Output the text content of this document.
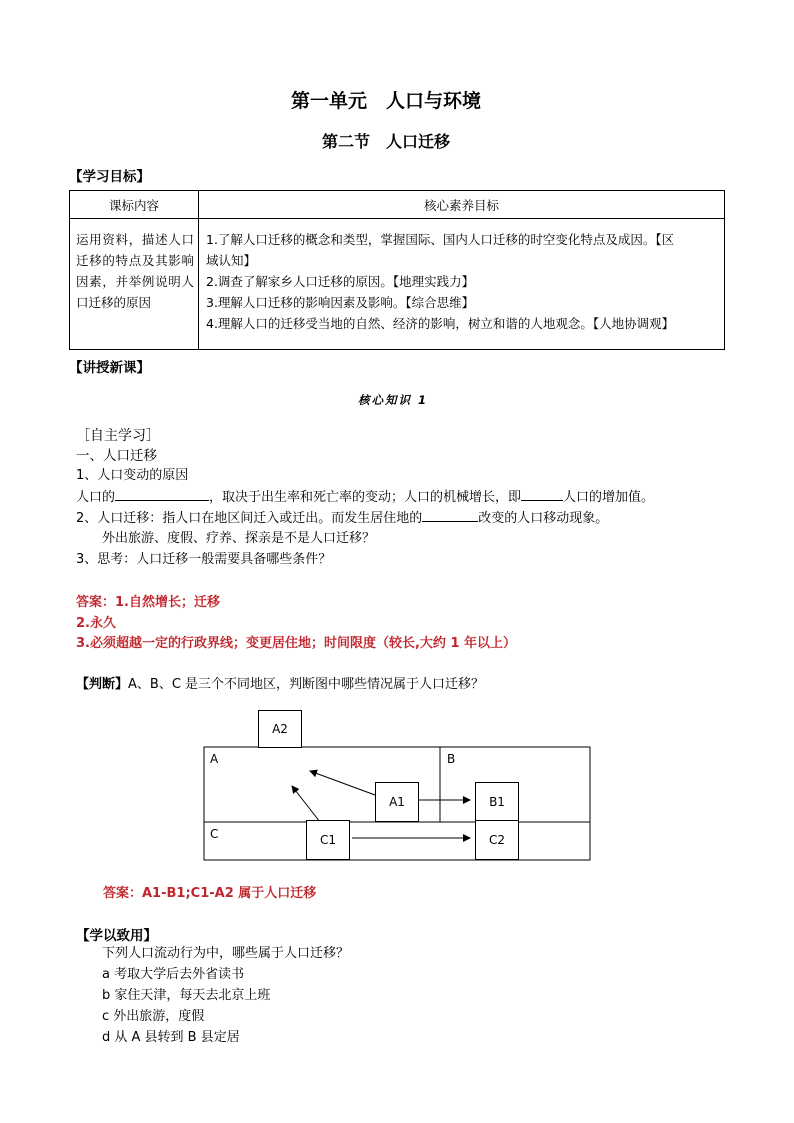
第一单元　人口与环境
第二节　人口迁移
【学习目标】
课标内容	核心素养目标
运用资料，描述人口迁移的特点及其影响因素，并举例说明人口迁移的原因	1.了解人口迁移的概念和类型，掌握国际、国内人口迁移的时空变化特点及成因。【区
域认知】
2.调查了解家乡人口迁移的原因。【地理实践力】
3.理解人口迁移的影响因素及影响。【综合思维】
4.理解人口的迁移受当地的自然、经济的影响，树立和谐的人地观念。【人地协调观】
【讲授新课】
核心知识 1
［自主学习］
一、人口迁移
1、人口变动的原因
人口的	，取决于出生率和死亡率的变动；人口的机械增长，即	人口的增加值。
2、人口迁移：指人口在地区间迁入或迁出。而发生居住地的	改变的人口移动现象。
外出旅游、度假、疗养、探亲是不是人口迁移？
3、思考：人口迁移一般需要具备哪些条件？
答案：1.自然增长；迁移
2.永久
3.必须超越一定的行政界线；变更居住地；时间限度（较长,大约 1 年以上）
【判断】A、B、C 是三个不同地区，判断图中哪些情况属于人口迁移？
A	B
C
A2
A1	B1
C1	C2
答案：A1-B1;C1-A2 属于人口迁移
【学以致用】
下列人口流动行为中，哪些属于人口迁移？
a 考取大学后去外省读书
b 家住天津，每天去北京上班
c 外出旅游，度假
d 从 A 县转到 B 县定居
